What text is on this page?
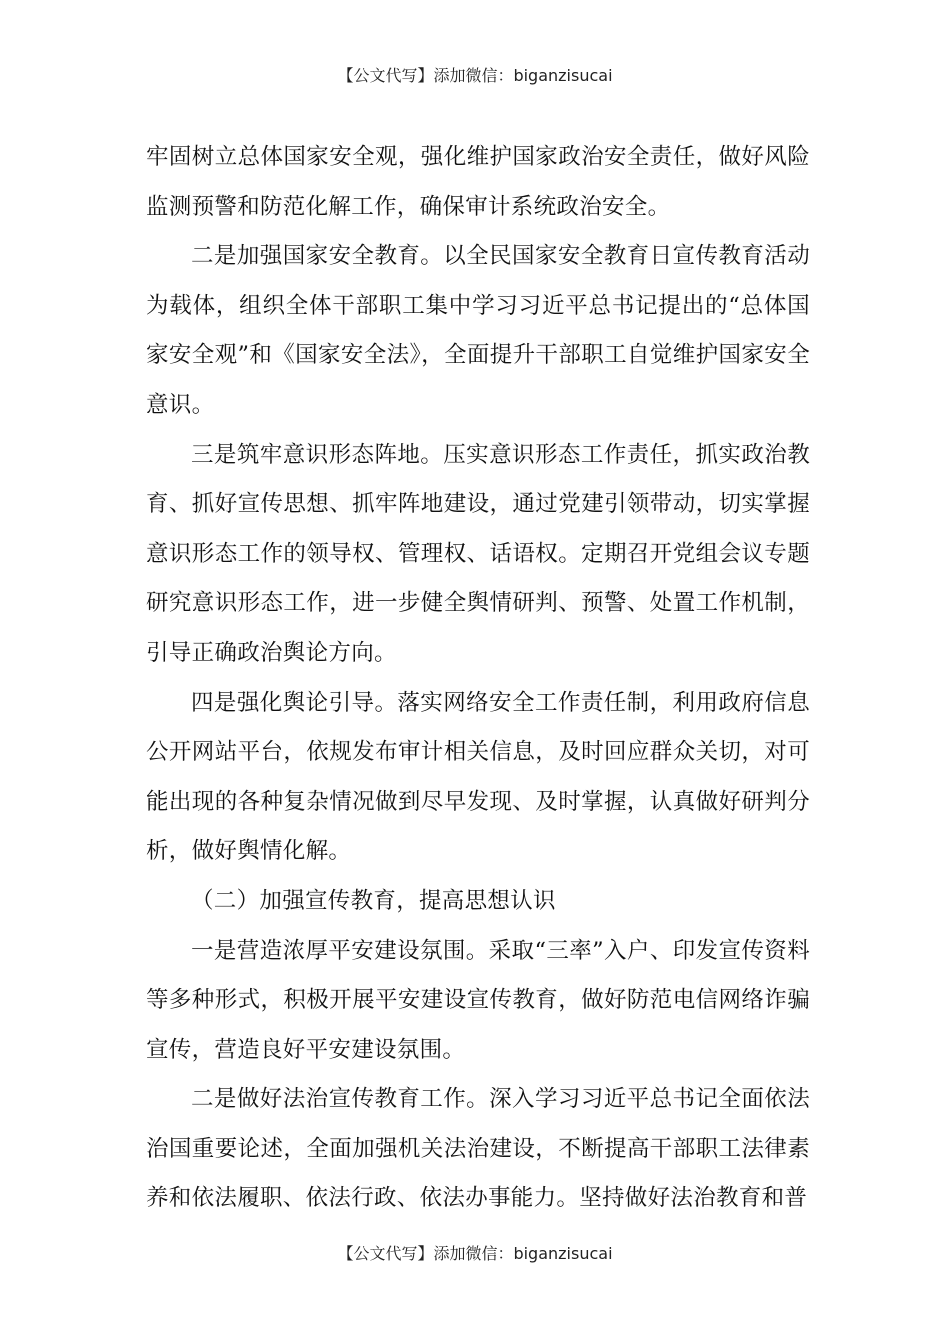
【公文代写】添加微信：biganzisucai

牢固树立总体国家安全观，强化维护国家政治安全责任，做好风险监测预警和防范化解工作，确保审计系统政治安全。

二是加强国家安全教育。以全民国家安全教育日宣传教育活动为载体，组织全体干部职工集中学习习近平总书记提出的“总体国家安全观”和《国家安全法》，全面提升干部职工自觉维护国家安全意识。

三是筑牢意识形态阵地。压实意识形态工作责任，抓实政治教育、抓好宣传思想、抓牢阵地建设，通过党建引领带动，切实掌握意识形态工作的领导权、管理权、话语权。定期召开党组会议专题研究意识形态工作，进一步健全舆情研判、预警、处置工作机制，引导正确政治舆论方向。

四是强化舆论引导。落实网络安全工作责任制，利用政府信息公开网站平台，依规发布审计相关信息，及时回应群众关切，对可能出现的各种复杂情况做到尽早发现、及时掌握，认真做好研判分析，做好舆情化解。

（二）加强宣传教育，提高思想认识

一是营造浓厚平安建设氛围。采取“三率”入户、印发宣传资料等多种形式，积极开展平安建设宣传教育，做好防范电信网络诈骗宣传，营造良好平安建设氛围。

二是做好法治宣传教育工作。深入学习习近平总书记全面依法治国重要论述，全面加强机关法治建设，不断提高干部职工法律素养和依法履职、依法行政、依法办事能力。坚持做好法治教育和普

【公文代写】添加微信：biganzisucai
